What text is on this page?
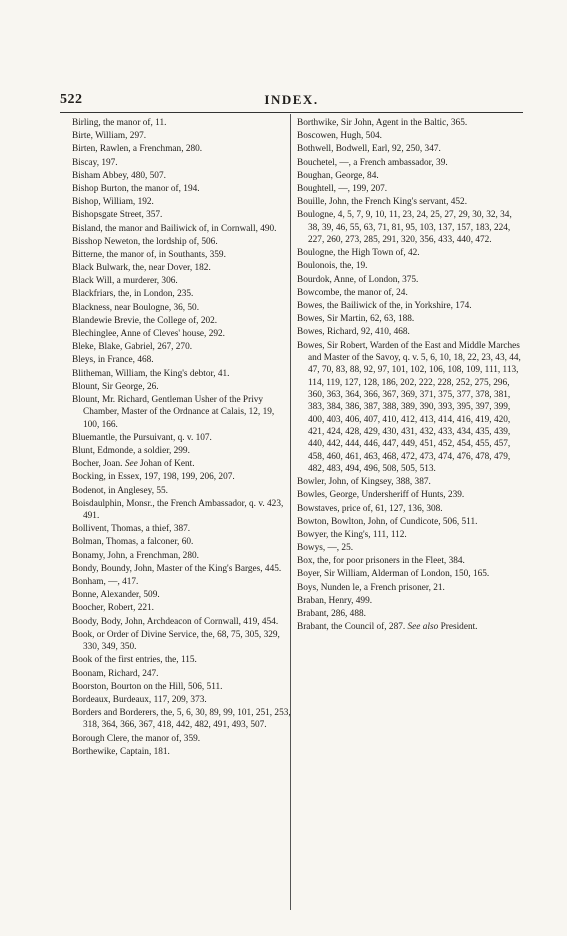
522	INDEX.
Birling, the manor of, 11.
Birte, William, 297.
Birten, Rawlen, a Frenchman, 280.
Biscay, 197.
Bisham Abbey, 480, 507.
Bishop Burton, the manor of, 194.
Bishop, William, 192.
Bishopsgate Street, 357.
Bisland, the manor and Bailiwick of, in Cornwall, 490.
Bisshop Neweton, the lordship of, 506.
Bitterne, the manor of, in Southants, 359.
Black Bulwark, the, near Dover, 182.
Black Will, a murderer, 306.
Blackfriars, the, in London, 235.
Blackness, near Boulogne, 36, 50.
Blandewie Brevie, the College of, 202.
Blechinglee, Anne of Cleves' house, 292.
Bleke, Blake, Gabriel, 267, 270.
Bleys, in France, 468.
Blitheman, William, the King's debtor, 41.
Blount, Sir George, 26.
Blount, Mr. Richard, Gentleman Usher of the Privy Chamber, Master of the Ordnance at Calais, 12, 19, 100, 166.
Bluemantle, the Pursuivant, q. v. 107.
Blunt, Edmonde, a soldier, 299.
Bocher, Joan. See Johan of Kent.
Bocking, in Essex, 197, 198, 199, 206, 207.
Bodenot, in Anglesey, 55.
Boisdaulphin, Monsr., the French Ambassador, q. v. 423, 491.
Bollivent, Thomas, a thief, 387.
Bolman, Thomas, a falconer, 60.
Bonamy, John, a Frenchman, 280.
Bondy, Boundy, John, Master of the King's Barges, 445.
Bonham, —, 417.
Bonne, Alexander, 509.
Boocher, Robert, 221.
Boody, Body, John, Archdeacon of Cornwall, 419, 454.
Book, or Order of Divine Service, the, 68, 75, 305, 329, 330, 349, 350.
Book of the first entries, the, 115.
Boonam, Richard, 247.
Boorston, Bourton on the Hill, 506, 511.
Bordeaux, Burdeaux, 117, 209, 373.
Borders and Borderers, the, 5, 6, 30, 89, 99, 101, 251, 253, 318, 364, 366, 367, 418, 442, 482, 491, 493, 507.
Borough Clere, the manor of, 359.
Borthewike, Captain, 181.
Borthwike, Sir John, Agent in the Baltic, 365.
Boscowen, Hugh, 504.
Bothwell, Bodwell, Earl, 92, 250, 347.
Bouchetel, —, a French ambassador, 39.
Boughan, George, 84.
Boughtell, —, 199, 207.
Bouille, John, the French King's servant, 452.
Boulogne, 4, 5, 7, 9, 10, 11, 23, 24, 25, 27, 29, 30, 32, 34, 38, 39, 46, 55, 63, 71, 81, 95, 103, 137, 157, 183, 224, 227, 260, 273, 285, 291, 320, 356, 433, 440, 472.
Boulogne, the High Town of, 42.
Boulonois, the, 19.
Bourdok, Anne, of London, 375.
Bowcombe, the manor of, 24.
Bowes, the Bailiwick of the, in Yorkshire, 174.
Bowes, Sir Martin, 62, 63, 188.
Bowes, Richard, 92, 410, 468.
Bowes, Sir Robert, Warden of the East and Middle Marches and Master of the Savoy, q. v. 5, 6, 10, 18, 22, 23, 43, 44, 47, 70, 83, 88, 92, 97, 101, 102, 106, 108, 109, 111, 113, 114, 119, 127, 128, 186, 202, 222, 228, 252, 275, 296, 360, 363, 364, 366, 367, 369, 371, 375, 377, 378, 381, 383, 384, 386, 387, 388, 389, 390, 393, 395, 397, 399, 400, 403, 406, 407, 410, 412, 413, 414, 416, 419, 420, 421, 424, 428, 429, 430, 431, 432, 433, 434, 435, 439, 440, 442, 444, 446, 447, 449, 451, 452, 454, 455, 457, 458, 460, 461, 463, 468, 472, 473, 474, 476, 478, 479, 482, 483, 494, 496, 508, 505, 513.
Bowler, John, of Kingsey, 388, 387.
Bowles, George, Undersheriff of Hunts, 239.
Bowstaves, price of, 61, 127, 136, 308.
Bowton, Bowlton, John, of Cundicote, 506, 511.
Bowyer, the King's, 111, 112.
Bowys, —, 25.
Box, the, for poor prisoners in the Fleet, 384.
Boyer, Sir William, Alderman of London, 150, 165.
Boys, Nunden le, a French prisoner, 21.
Braban, Henry, 499.
Brabant, 286, 488.
Brabant, the Council of, 287. See also President.
